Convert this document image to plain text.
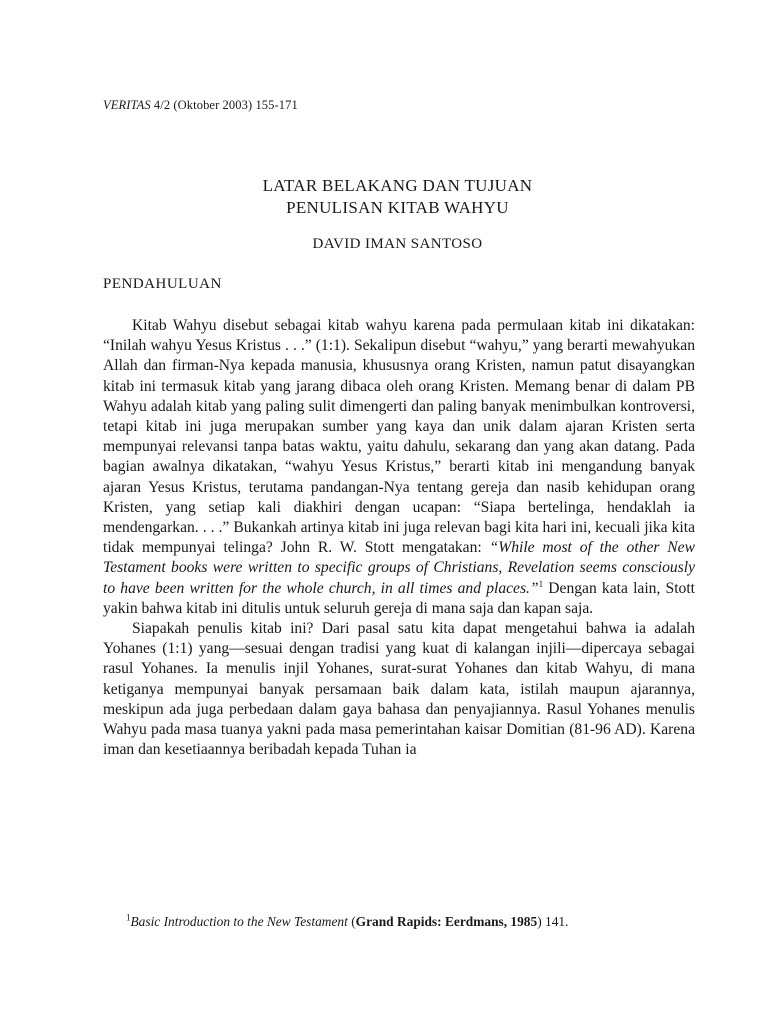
VERITAS 4/2 (Oktober 2003) 155-171
LATAR BELAKANG DAN TUJUAN
PENULISAN KITAB WAHYU
DAVID IMAN SANTOSO
PENDAHULUAN

Kitab Wahyu disebut sebagai kitab wahyu karena pada permulaan kitab ini dikatakan: “Inilah wahyu Yesus Kristus . . .” (1:1). Sekalipun disebut “wahyu,” yang berarti mewahyukan Allah dan firman-Nya kepada manusia, khususnya orang Kristen, namun patut disayangkan kitab ini termasuk kitab yang jarang dibaca oleh orang Kristen. Memang benar di dalam PB Wahyu adalah kitab yang paling sulit dimengerti dan paling banyak menimbulkan kontroversi, tetapi kitab ini juga merupakan sumber yang kaya dan unik dalam ajaran Kristen serta mempunyai relevansi tanpa batas waktu, yaitu dahulu, sekarang dan yang akan datang. Pada bagian awalnya dikatakan, “wahyu Yesus Kristus,” berarti kitab ini mengandung banyak ajaran Yesus Kristus, terutama pandangan-Nya tentang gereja dan nasib kehidupan orang Kristen, yang setiap kali diakhiri dengan ucapan: “Siapa bertelinga, hendaklah ia mendengarkan. . . .” Bukankah artinya kitab ini juga relevan bagi kita hari ini, kecuali jika kita tidak mempunyai telinga? John R. W. Stott mengatakan: “While most of the other New Testament books were written to specific groups of Christians, Revelation seems consciously to have been written for the whole church, in all times and places.”$^1$ Dengan kata lain, Stott yakin bahwa kitab ini ditulis untuk seluruh gereja di mana saja dan kapan saja.

Siapakah penulis kitab ini? Dari pasal satu kita dapat mengetahui bahwa ia adalah Yohanes (1:1) yang—sesuai dengan tradisi yang kuat di kalangan injili—dipercaya sebagai rasul Yohanes. Ia menulis injil Yohanes, surat-surat Yohanes dan kitab Wahyu, di mana ketiganya mempunyai banyak persamaan baik dalam kata, istilah maupun ajarannya, meskipun ada juga perbedaan dalam gaya bahasa dan penyajiannya. Rasul Yohanes menulis Wahyu pada masa tuanya yakni pada masa pemerintahan kaisar Domitian (81-96 AD). Karena iman dan kesetiaannya beribadah kepada Tuhan ia

$^1$Basic Introduction to the New Testament (Grand Rapids: Eerdmans, 1985) 141.
